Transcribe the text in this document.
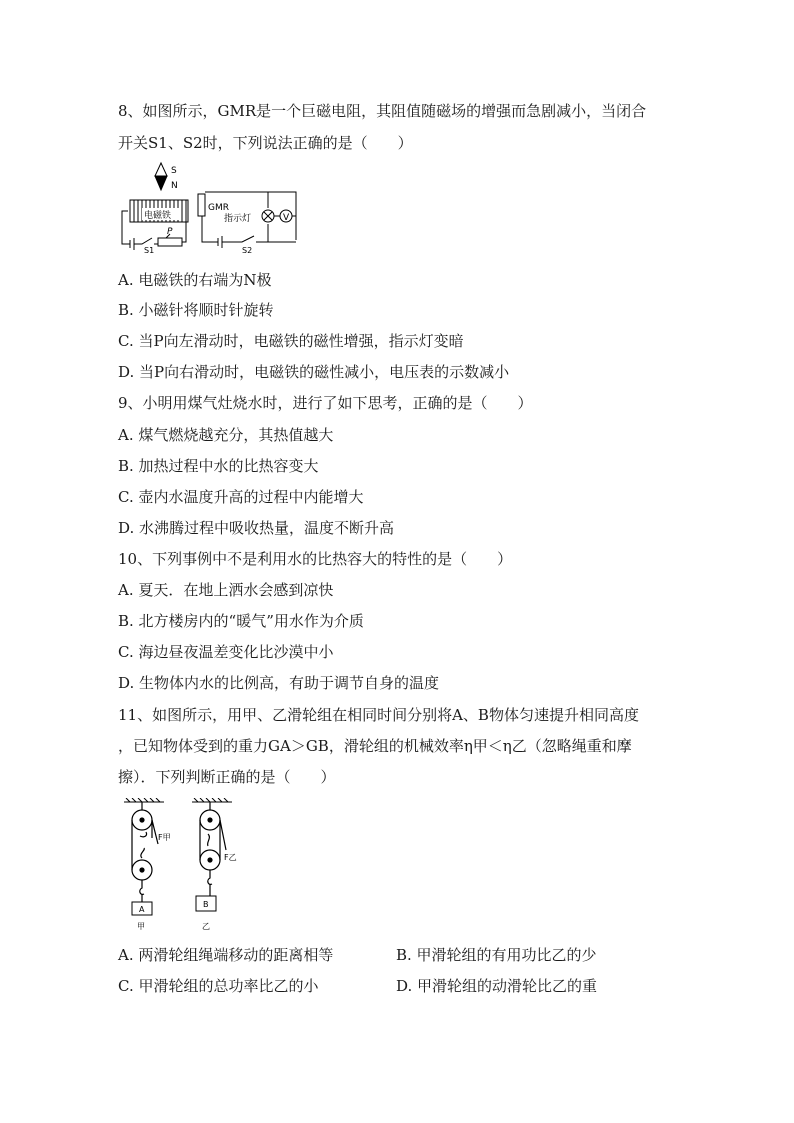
8、如图所示，GMR是一个巨磁电阻，其阻值随磁场的增强而急剧减小，当闭合
开关S1、S2时，下列说法正确的是（　　）
S
N
电磁铁
P
S1
GMR
V
指示灯
S2
A. 电磁铁的右端为N极
B. 小磁针将顺时针旋转
C. 当P向左滑动时，电磁铁的磁性增强，指示灯变暗
D. 当P向右滑动时，电磁铁的磁性减小，电压表的示数减小
9、小明用煤气灶烧水时，进行了如下思考，正确的是（　　）
A. 煤气燃烧越充分，其热值越大
B. 加热过程中水的比热容变大
C. 壶内水温度升高的过程中内能增大
D. 水沸腾过程中吸收热量，温度不断升高
10、下列事例中不是利用水的比热容大的特性的是（　　）
A. 夏天．在地上洒水会感到凉快
B. 北方楼房内的“暖气”用水作为介质
C. 海边昼夜温差变化比沙漠中小
D. 生物体内水的比例高，有助于调节自身的温度
11、如图所示，用甲、乙滑轮组在相同时间分别将A、B物体匀速提升相同高度
，已知物体受到的重力GA＞GB，滑轮组的机械效率η甲＜η乙（忽略绳重和摩
擦）．下列判断正确的是（　　）
F甲
A
甲
F乙
B
乙
A. 两滑轮组绳端移动的距离相等	B. 甲滑轮组的有用功比乙的少
C. 甲滑轮组的总功率比乙的小	D. 甲滑轮组的动滑轮比乙的重
